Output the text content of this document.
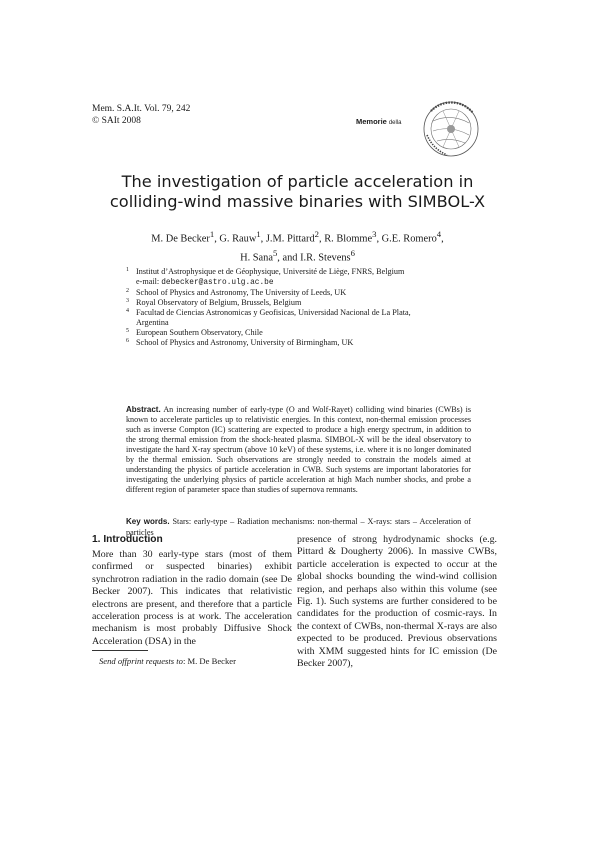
Mem. S.A.It. Vol. 79, 242
© SAIt 2008	Memorie della
The investigation of particle acceleration in
colliding-wind massive binaries with SIMBOL-X
M. De Becker$^1$, G. Rauw$^1$, J.M. Pittard$^2$, R. Blomme$^3$, G.E. Romero$^4$,
H. Sana$^5$, and I.R. Stevens$^6$
1 Institut d’Astrophysique et de Géophysique, Université de Liège, FNRS, Belgium
e-mail: debecker@astro.ulg.ac.be
2 School of Physics and Astronomy, The University of Leeds, UK
3 Royal Observatory of Belgium, Brussels, Belgium
4 Facultad de Ciencias Astronomicas y Geofisicas, Universidad Nacional de La Plata,
Argentina
5 European Southern Observatory, Chile
6 School of Physics and Astronomy, University of Birmingham, UK
Abstract. An increasing number of early-type (O and Wolf-Rayet) colliding wind binaries (CWBs) is known to accelerate particles up to relativistic energies. In this context, non-thermal emission processes such as inverse Compton (IC) scattering are expected to produce a high energy spectrum, in addition to the strong thermal emission from the shock-heated plasma. SIMBOL-X will be the ideal observatory to investigate the hard X-ray spectrum (above 10 keV) of these systems, i.e. where it is no longer dominated by the thermal emission. Such observations are strongly needed to constrain the models aimed at understanding the physics of particle acceleration in CWB. Such systems are important laboratories for investigating the underlying physics of particle acceleration at high Mach number shocks, and probe a different region of parameter space than studies of supernova remnants.
Key words. Stars: early-type – Radiation mechanisms: non-thermal – X-rays: stars – Acceleration of particles
1. Introduction
More than 30 early-type stars (most of them confirmed or suspected binaries) exhibit synchrotron radiation in the radio domain (see De Becker 2007). This indicates that relativistic electrons are present, and therefore that a particle acceleration process is at work. The acceleration mechanism is most probably Diffusive Shock Acceleration (DSA) in the
presence of strong hydrodynamic shocks (e.g. Pittard & Dougherty 2006). In massive CWBs, particle acceleration is expected to occur at the global shocks bounding the wind-wind collision region, and perhaps also within this volume (see Fig. 1). Such systems are further considered to be candidates for the production of cosmic-rays. In the context of CWBs, non-thermal X-rays are also expected to be produced. Previous observations with XMM suggested hints for IC emission (De Becker 2007),
Send offprint requests to: M. De Becker
